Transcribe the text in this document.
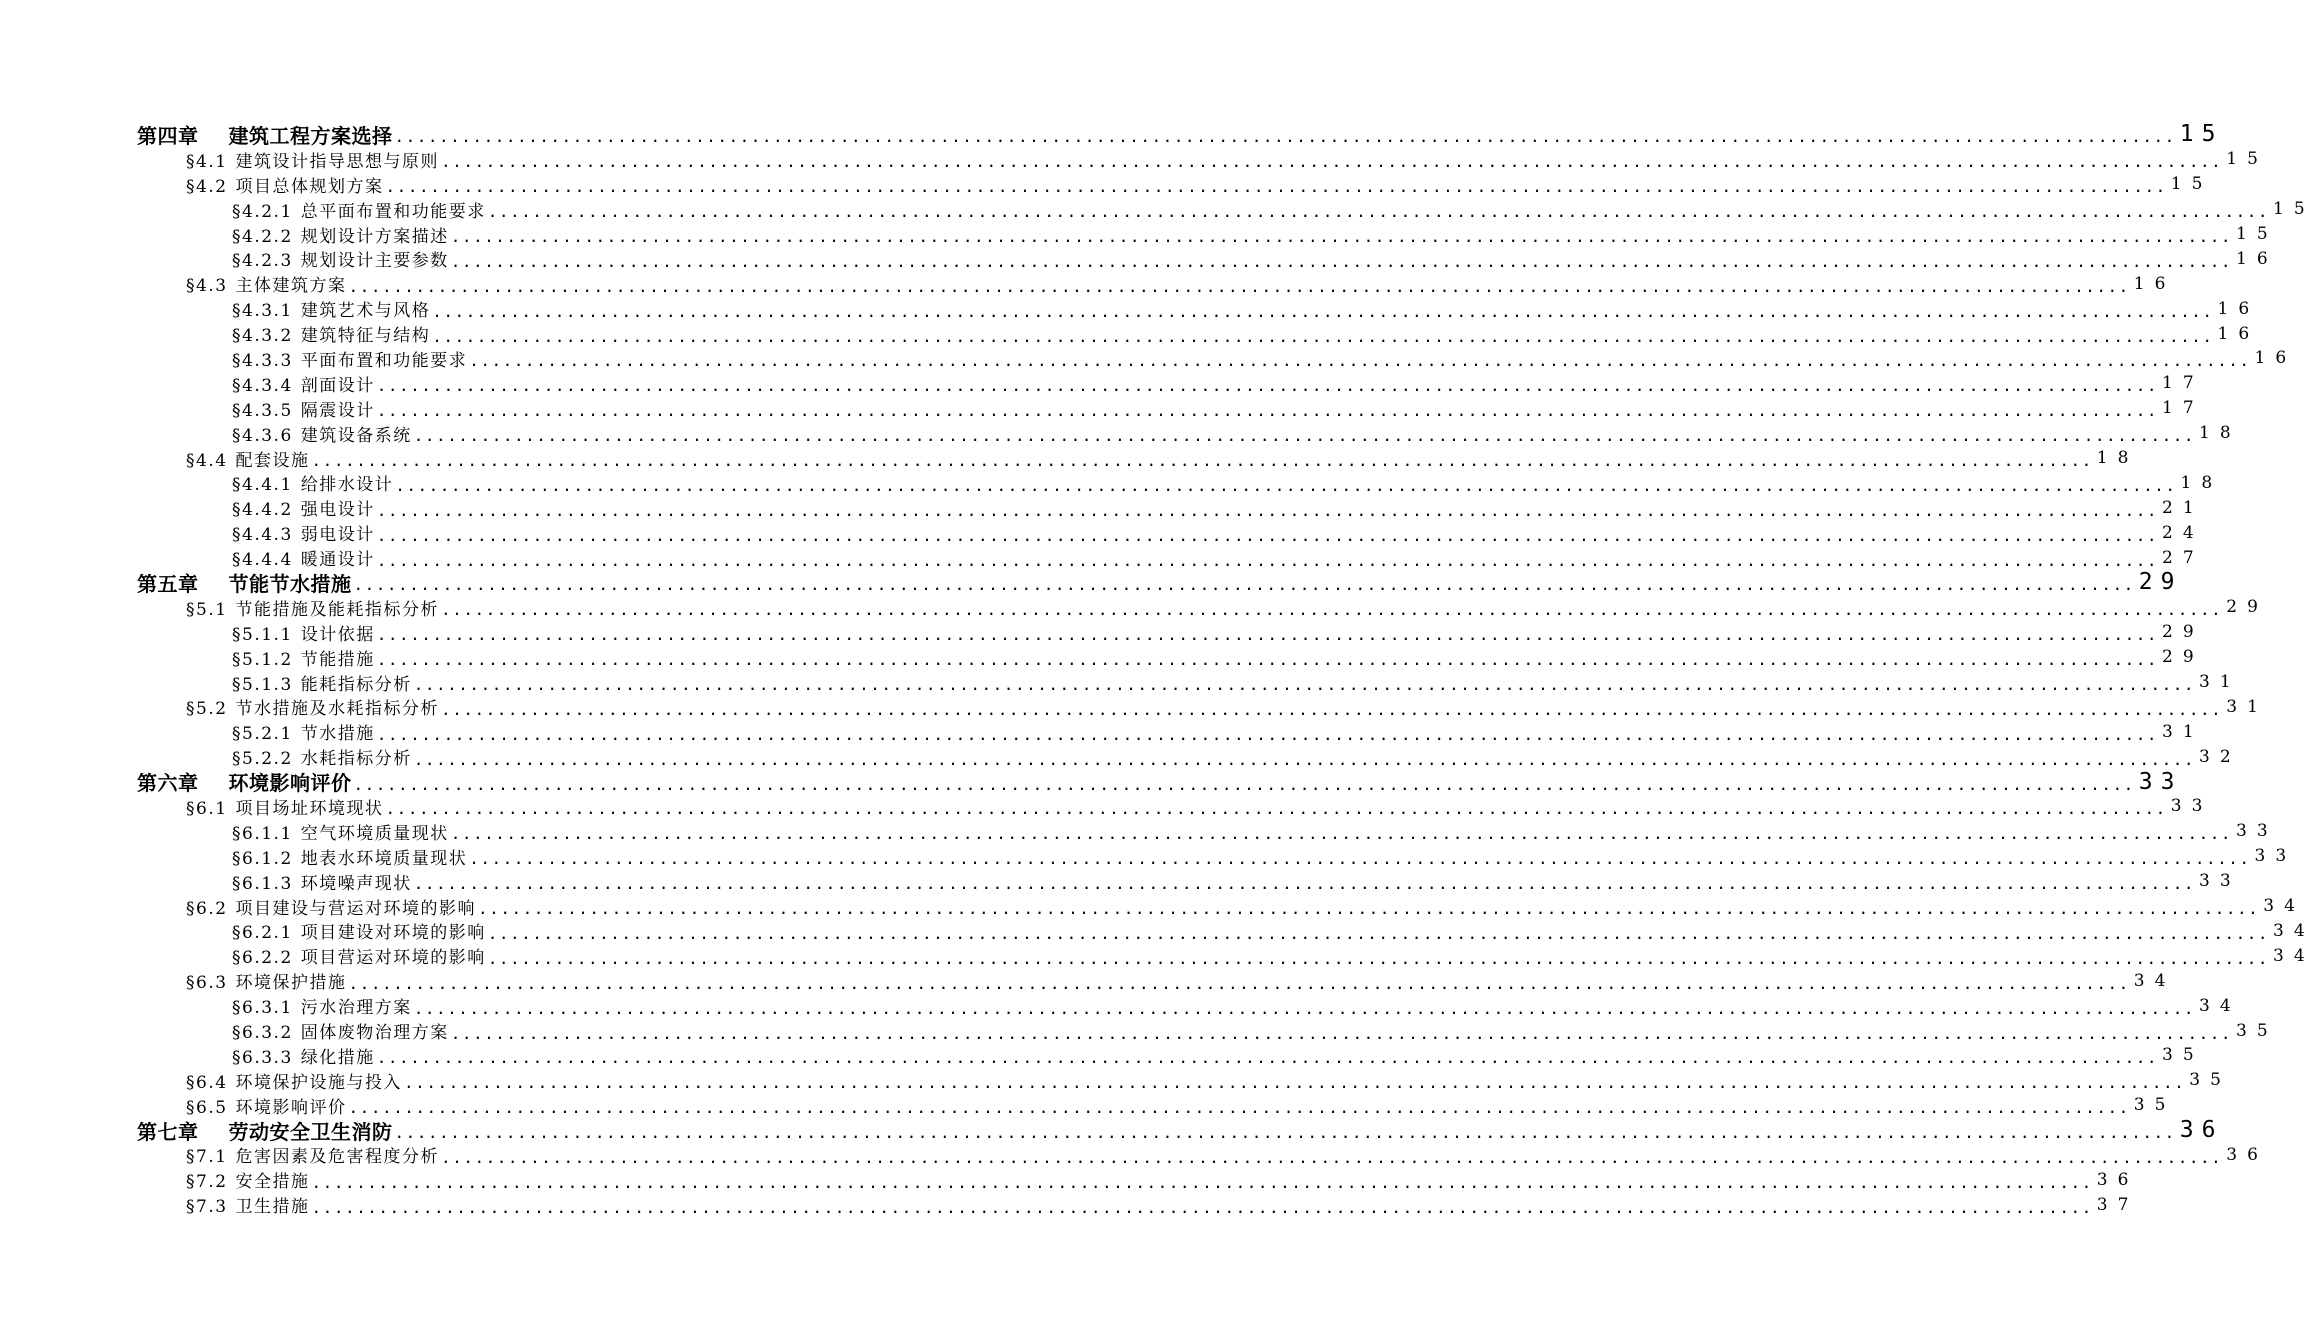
第四章 建筑工程方案选择 ................................................................................................................................................................ 15
§4.1 建筑设计指导思想与原则 ................................................................................................................................................................ 15
§4.2 项目总体规划方案 ................................................................................................................................................................ 15
§4.2.1 总平面布置和功能要求 ................................................................................................................................................................ 15
§4.2.2 规划设计方案描述 ................................................................................................................................................................ 15
§4.2.3 规划设计主要参数 ................................................................................................................................................................ 16
§4.3 主体建筑方案 ................................................................................................................................................................ 16
§4.3.1 建筑艺术与风格 ................................................................................................................................................................ 16
§4.3.2 建筑特征与结构 ................................................................................................................................................................ 16
§4.3.3 平面布置和功能要求 ................................................................................................................................................................ 16
§4.3.4 剖面设计 ................................................................................................................................................................ 17
§4.3.5 隔震设计 ................................................................................................................................................................ 17
§4.3.6 建筑设备系统 ................................................................................................................................................................ 18
§4.4 配套设施 ................................................................................................................................................................ 18
§4.4.1 给排水设计 ................................................................................................................................................................ 18
§4.4.2 强电设计 ................................................................................................................................................................ 21
§4.4.3 弱电设计 ................................................................................................................................................................ 24
§4.4.4 暖通设计 ................................................................................................................................................................ 27
第五章 节能节水措施 ................................................................................................................................................................ 29
§5.1 节能措施及能耗指标分析 ................................................................................................................................................................ 29
§5.1.1 设计依据 ................................................................................................................................................................ 29
§5.1.2 节能措施 ................................................................................................................................................................ 29
§5.1.3 能耗指标分析 ................................................................................................................................................................ 31
§5.2 节水措施及水耗指标分析 ................................................................................................................................................................ 31
§5.2.1 节水措施 ................................................................................................................................................................ 31
§5.2.2 水耗指标分析 ................................................................................................................................................................ 32
第六章 环境影响评价 ................................................................................................................................................................ 33
§6.1 项目场址环境现状 ................................................................................................................................................................ 33
§6.1.1 空气环境质量现状 ................................................................................................................................................................ 33
§6.1.2 地表水环境质量现状 ................................................................................................................................................................ 33
§6.1.3 环境噪声现状 ................................................................................................................................................................ 33
§6.2 项目建设与营运对环境的影响 ................................................................................................................................................................ 34
§6.2.1 项目建设对环境的影响 ................................................................................................................................................................ 34
§6.2.2 项目营运对环境的影响 ................................................................................................................................................................ 34
§6.3 环境保护措施 ................................................................................................................................................................ 34
§6.3.1 污水治理方案 ................................................................................................................................................................ 34
§6.3.2 固体废物治理方案 ................................................................................................................................................................ 35
§6.3.3 绿化措施 ................................................................................................................................................................ 35
§6.4 环境保护设施与投入 ................................................................................................................................................................ 35
§6.5 环境影响评价 ................................................................................................................................................................ 35
第七章 劳动安全卫生消防 ................................................................................................................................................................ 36
§7.1 危害因素及危害程度分析 ................................................................................................................................................................ 36
§7.2 安全措施 ................................................................................................................................................................ 36
§7.3 卫生措施 ................................................................................................................................................................ 37
